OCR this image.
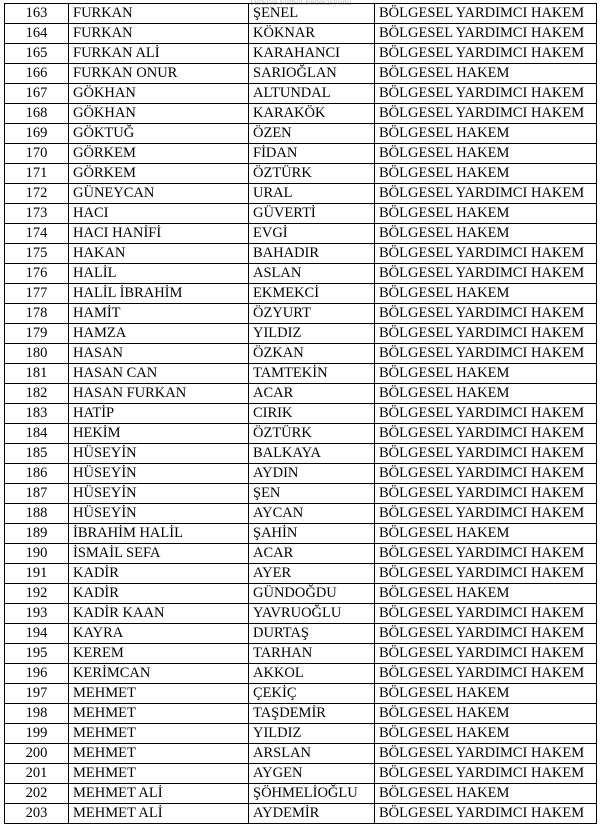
Türkiye Futbol Federasyonu
163	FURKAN	ŞENEL	BÖLGESEL YARDIMCI HAKEM
164	FURKAN	KÖKNAR	BÖLGESEL YARDIMCI HAKEM
165	FURKAN ALİ	KARAHANCI	BÖLGESEL YARDIMCI HAKEM
166	FURKAN ONUR	SARIOĞLAN	BÖLGESEL HAKEM
167	GÖKHAN	ALTUNDAL	BÖLGESEL YARDIMCI HAKEM
168	GÖKHAN	KARAKÖK	BÖLGESEL YARDIMCI HAKEM
169	GÖKTUĞ	ÖZEN	BÖLGESEL HAKEM
170	GÖRKEM	FİDAN	BÖLGESEL HAKEM
171	GÖRKEM	ÖZTÜRK	BÖLGESEL HAKEM
172	GÜNEYCAN	URAL	BÖLGESEL YARDIMCI HAKEM
173	HACI	GÜVERTİ	BÖLGESEL HAKEM
174	HACI HANİFİ	EVGİ	BÖLGESEL HAKEM
175	HAKAN	BAHADIR	BÖLGESEL YARDIMCI HAKEM
176	HALİL	ASLAN	BÖLGESEL YARDIMCI HAKEM
177	HALİL İBRAHİM	EKMEKCİ	BÖLGESEL HAKEM
178	HAMİT	ÖZYURT	BÖLGESEL YARDIMCI HAKEM
179	HAMZA	YILDIZ	BÖLGESEL YARDIMCI HAKEM
180	HASAN	ÖZKAN	BÖLGESEL YARDIMCI HAKEM
181	HASAN CAN	TAMTEKİN	BÖLGESEL HAKEM
182	HASAN FURKAN	ACAR	BÖLGESEL HAKEM
183	HATİP	CIRIK	BÖLGESEL YARDIMCI HAKEM
184	HEKİM	ÖZTÜRK	BÖLGESEL YARDIMCI HAKEM
185	HÜSEYİN	BALKAYA	BÖLGESEL YARDIMCI HAKEM
186	HÜSEYİN	AYDIN	BÖLGESEL YARDIMCI HAKEM
187	HÜSEYİN	ŞEN	BÖLGESEL YARDIMCI HAKEM
188	HÜSEYİN	AYCAN	BÖLGESEL YARDIMCI HAKEM
189	İBRAHİM HALİL	ŞAHİN	BÖLGESEL HAKEM
190	İSMAİL SEFA	ACAR	BÖLGESEL YARDIMCI HAKEM
191	KADİR	AYER	BÖLGESEL YARDIMCI HAKEM
192	KADİR	GÜNDOĞDU	BÖLGESEL HAKEM
193	KADİR KAAN	YAVRUOĞLU	BÖLGESEL YARDIMCI HAKEM
194	KAYRA	DURTAŞ	BÖLGESEL YARDIMCI HAKEM
195	KEREM	TARHAN	BÖLGESEL YARDIMCI HAKEM
196	KERİMCAN	AKKOL	BÖLGESEL YARDIMCI HAKEM
197	MEHMET	ÇEKİÇ	BÖLGESEL HAKEM
198	MEHMET	TAŞDEMİR	BÖLGESEL HAKEM
199	MEHMET	YILDIZ	BÖLGESEL HAKEM
200	MEHMET	ARSLAN	BÖLGESEL YARDIMCI HAKEM
201	MEHMET	AYGEN	BÖLGESEL YARDIMCI HAKEM
202	MEHMET ALİ	ŞÖHMELİOĞLU	BÖLGESEL HAKEM
203	MEHMET ALİ	AYDEMİR	BÖLGESEL YARDIMCI HAKEM
